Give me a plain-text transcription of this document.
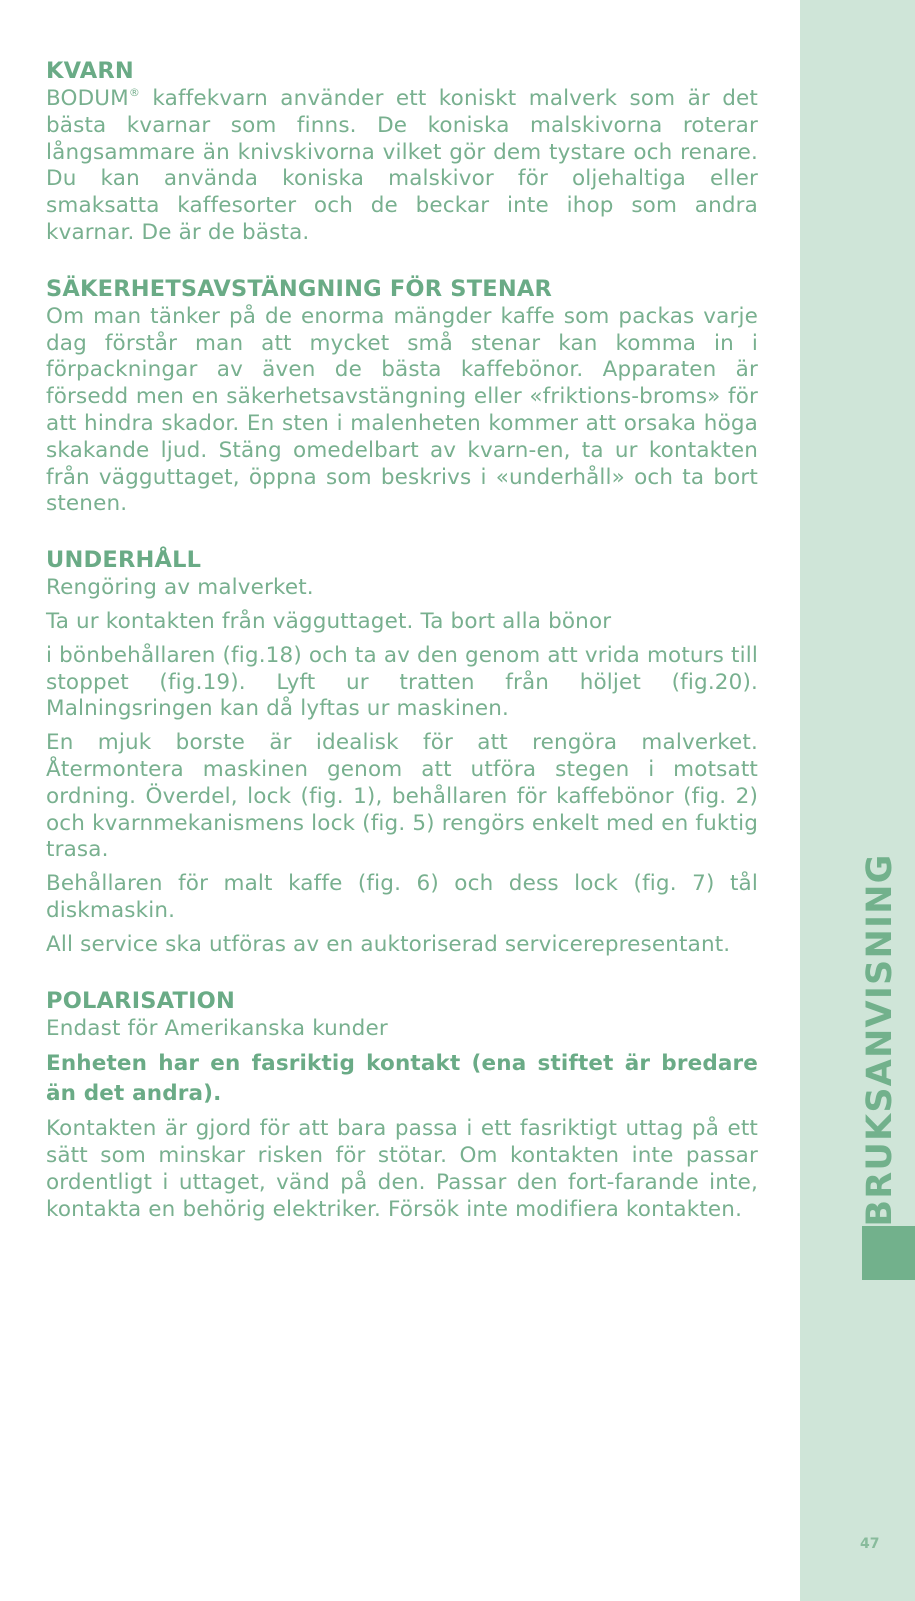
KVARN

BODUM® kaffekvarn använder ett koniskt malverk som är det bästa kvarnar som finns. De koniska malskivorna roterar långsammare än knivskivorna vilket gör dem tystare och renare. Du kan använda koniska malskivor för oljehaltiga eller smaksatta kaffesorter och de beckar inte ihop som andra kvarnar. De är de bästa.

SÄKERHETSAVSTÄNGNING FÖR STENAR

Om man tänker på de enorma mängder kaffe som packas varje dag förstår man att mycket små stenar kan komma in i förpackningar av även de bästa kaffebönor. Apparaten är försedd men en säkerhetsavstängning eller «friktions-broms» för att hindra skador. En sten i malenheten kommer att orsaka höga skakande ljud. Stäng omedelbart av kvarn-en, ta ur kontakten från vägguttaget, öppna som beskrivs i «underhåll» och ta bort stenen.

UNDERHÅLL

Rengöring av malverket.

Ta ur kontakten från vägguttaget. Ta bort alla bönor

i bönbehållaren (fig.18) och ta av den genom att vrida moturs till stoppet (fig.19). Lyft ur tratten från höljet (fig.20). Malningsringen kan då lyftas ur maskinen.

En mjuk borste är idealisk för att rengöra malverket. Återmontera maskinen genom att utföra stegen i motsatt ordning. Överdel, lock (fig. 1), behållaren för kaffebönor (fig. 2) och kvarnmekanismens lock (fig. 5) rengörs enkelt med en fuktig trasa.

Behållaren för malt kaffe (fig. 6) och dess lock (fig. 7) tål diskmaskin.

All service ska utföras av en auktoriserad servicerepresentant.

POLARISATION

Endast för Amerikanska kunder

Enheten har en fasriktig kontakt (ena stiftet är bredare än det andra).

Kontakten är gjord för att bara passa i ett fasriktigt uttag på ett sätt som minskar risken för stötar. Om kontakten inte passar ordentligt i uttaget, vänd på den. Passar den fort-farande inte, kontakta en behörig elektriker. Försök inte modifiera kontakten.	BRUKSANVISNING
47
